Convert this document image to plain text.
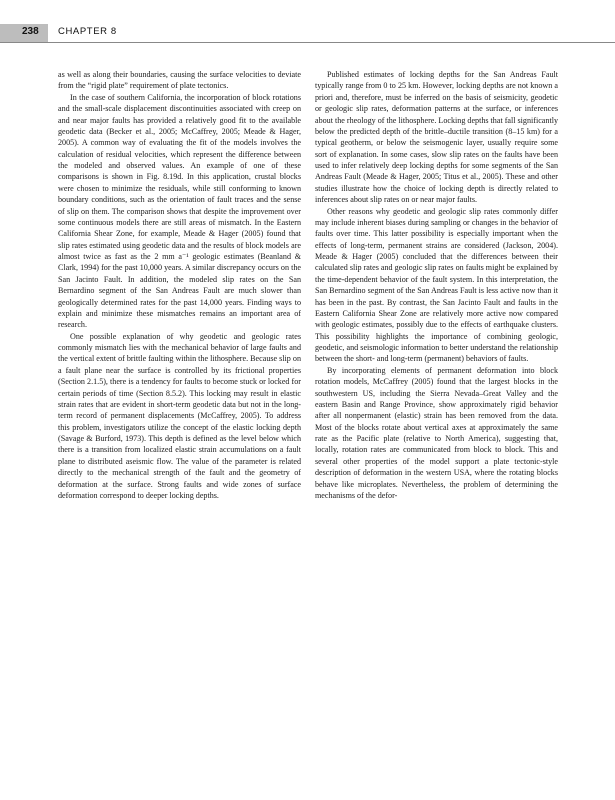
238 CHAPTER 8

as well as along their boundaries, causing the surface velocities to deviate from the “rigid plate” requirement of plate tectonics.

In the case of southern California, the incorporation of block rotations and the small-scale displacement discontinuities associated with creep on and near major faults has provided a relatively good fit to the available geodetic data (Becker et al., 2005; McCaffrey, 2005; Meade & Hager, 2005). A common way of evaluating the fit of the models involves the calculation of residual velocities, which represent the difference between the modeled and observed values. An example of one of these comparisons is shown in Fig. 8.19d. In this application, crustal blocks were chosen to minimize the residuals, while still conforming to known boundary conditions, such as the orientation of fault traces and the sense of slip on them. The comparison shows that despite the improvement over some continuous models there are still areas of mismatch. In the Eastern California Shear Zone, for example, Meade & Hager (2005) found that slip rates estimated using geodetic data and the results of block models are almost twice as fast as the 2 mm a⁻¹ geologic estimates (Beanland & Clark, 1994) for the past 10,000 years. A similar discrepancy occurs on the San Jacinto Fault. In addition, the modeled slip rates on the San Bernardino segment of the San Andreas Fault are much slower than geologically determined rates for the past 14,000 years. Finding ways to explain and minimize these mismatches remains an important area of research.

One possible explanation of why geodetic and geologic rates commonly mismatch lies with the mechanical behavior of large faults and the vertical extent of brittle faulting within the lithosphere. Because slip on a fault plane near the surface is controlled by its frictional properties (Section 2.1.5), there is a tendency for faults to become stuck or locked for certain periods of time (Section 8.5.2). This locking may result in elastic strain rates that are evident in short-term geodetic data but not in the long-term record of permanent displacements (McCaffrey, 2005). To address this problem, investigators utilize the concept of the elastic locking depth (Savage & Burford, 1973). This depth is defined as the level below which there is a transition from localized elastic strain accumulations on a fault plane to distributed aseismic flow. The value of the parameter is related directly to the mechanical strength of the fault and the geometry of deformation at the surface. Strong faults and wide zones of surface deformation correspond to deeper locking depths.

Published estimates of locking depths for the San Andreas Fault typically range from 0 to 25 km. However, locking depths are not known a priori and, therefore, must be inferred on the basis of seismicity, geodetic or geologic slip rates, deformation patterns at the surface, or inferences about the rheology of the lithosphere. Locking depths that fall significantly below the predicted depth of the brittle–ductile transition (8–15 km) for a typical geotherm, or below the seismogenic layer, usually require some sort of explanation. In some cases, slow slip rates on the faults have been used to infer relatively deep locking depths for some segments of the San Andreas Fault (Meade & Hager, 2005; Titus et al., 2005). These and other studies illustrate how the choice of locking depth is directly related to inferences about slip rates on or near major faults.

Other reasons why geodetic and geologic slip rates commonly differ may include inherent biases during sampling or changes in the behavior of faults over time. This latter possibility is especially important when the effects of long-term, permanent strains are considered (Jackson, 2004). Meade & Hager (2005) concluded that the differences between their calculated slip rates and geologic slip rates on faults might be explained by the time-dependent behavior of the fault system. In this interpretation, the San Bernardino segment of the San Andreas Fault is less active now than it has been in the past. By contrast, the San Jacinto Fault and faults in the Eastern California Shear Zone are relatively more active now compared with geologic estimates, possibly due to the effects of earthquake clusters. This possibility highlights the importance of combining geologic, geodetic, and seismologic information to better understand the relationship between the short- and long-term (permanent) behaviors of faults.

By incorporating elements of permanent deformation into block rotation models, McCaffrey (2005) found that the largest blocks in the southwestern US, including the Sierra Nevada–Great Valley and the eastern Basin and Range Province, show approximately rigid behavior after all nonpermanent (elastic) strain has been removed from the data. Most of the blocks rotate about vertical axes at approximately the same rate as the Pacific plate (relative to North America), suggesting that, locally, rotation rates are communicated from block to block. This and several other properties of the model support a plate tectonic-style description of deformation in the western USA, where the rotating blocks behave like microplates. Nevertheless, the problem of determining the mechanisms of the defor-
